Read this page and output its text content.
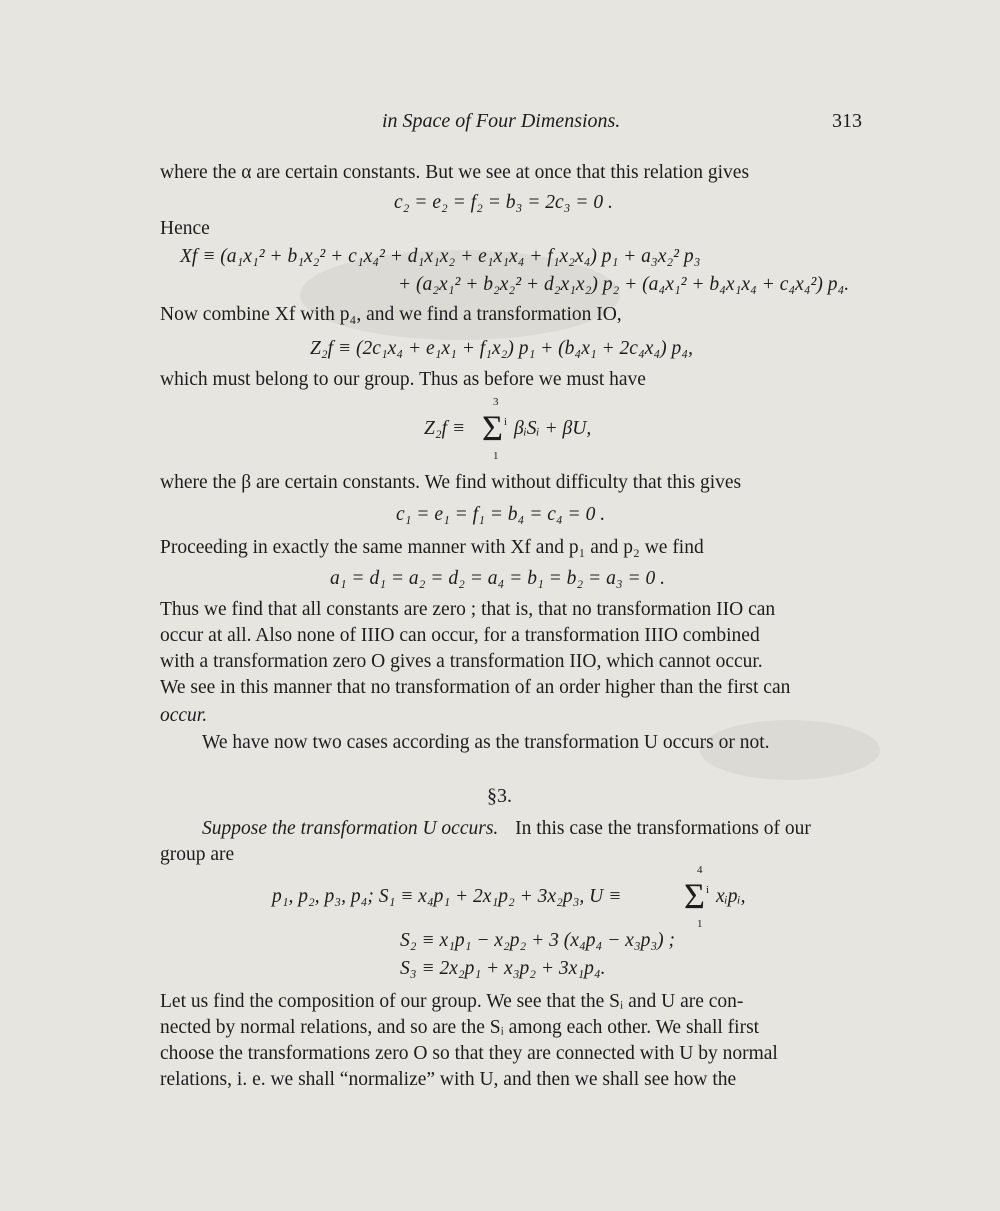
in Space of Four Dimensions.	313
where the α are certain constants. But we see at once that this relation gives
c₂ = e₂ = f₂ = b₃ = 2c₃ = 0 .
Hence
Xf ≡ (a₁x₁² + b₁x₂² + c₁x₄² + d₁x₁x₂ + e₁x₁x₄ + f₁x₂x₄) p₁ + a₃x₂² p₃
+ (a₂x₁² + b₂x₂² + d₂x₁x₂) p₂ + (a₄x₁² + b₄x₁x₄ + c₄x₄²) p₄.
Now combine Xf with p₄, and we find a transformation IO,
Z₂f ≡ (2c₁x₄ + e₁x₁ + f₁x₂) p₁ + (b₄x₁ + 2c₄x₄) p₄,
which must belong to our group. Thus as before we must have
Z₂f ≡
3
Σ i
1
βᵢSᵢ + βU,
where the β are certain constants. We find without difficulty that this gives
c₁ = e₁ = f₁ = b₄ = c₄ = 0 .
Proceeding in exactly the same manner with Xf and p₁ and p₂ we find
a₁ = d₁ = a₂ = d₂ = a₄ = b₁ = b₂ = a₃ = 0 .
Thus we find that all constants are zero ; that is, that no transformation IIO can
occur at all. Also none of IIIO can occur, for a transformation IIIO combined
with a transformation zero O gives a transformation IIO, which cannot occur.
We see in this manner that no transformation of an order higher than the first can
occur.
We have now two cases according as the transformation U occurs or not.
§3.
Suppose the transformation U occurs. In this case the transformations of our
group are
p₁, p₂, p₃, p₄; S₁ ≡ x₄p₁ + 2x₁p₂ + 3x₂p₃, U ≡
4
Σ i
1
xᵢpᵢ,
S₂ ≡ x₁p₁ − x₂p₂ + 3 (x₄p₄ − x₃p₃) ;
S₃ ≡ 2x₂p₁ + x₃p₂ + 3x₁p₄.
Let us find the composition of our group. We see that the Sᵢ and U are con-
nected by normal relations, and so are the Sᵢ among each other. We shall first
choose the transformations zero O so that they are connected with U by normal
relations, i. e. we shall “normalize” with U, and then we shall see how the
